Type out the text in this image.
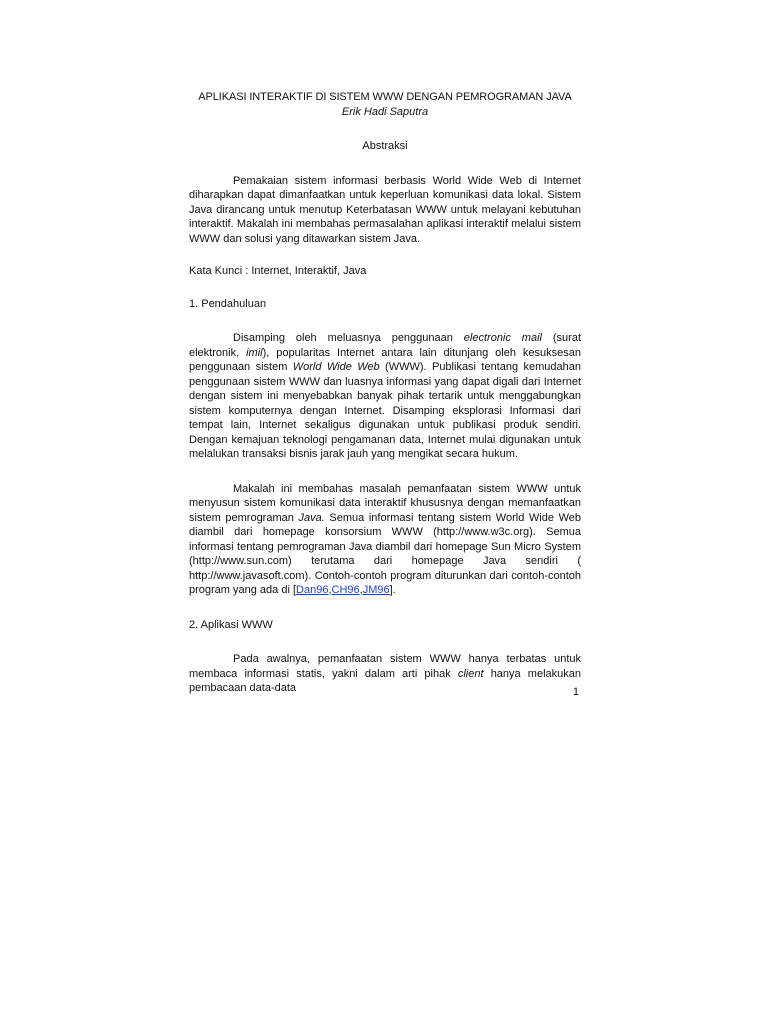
APLIKASI INTERAKTIF DI SISTEM WWW DENGAN PEMROGRAMAN JAVA
Erik Hadi Saputra
Abstraksi

Pemakaian sistem informasi berbasis World Wide Web di Internet diharapkan dapat dimanfaatkan untuk keperluan komunikasi data lokal. Sistem Java dirancang untuk menutup Keterbatasan WWW untuk melayani kebutuhan interaktif. Makalah ini membahas permasalahan aplikasi interaktif melalui sistem WWW dan solusi yang ditawarkan sistem Java.

Kata Kunci : Internet, Interaktif, Java

1. Pendahuluan

Disamping oleh meluasnya penggunaan electronic mail (surat elektronik, imil), popularitas Internet antara lain ditunjang oleh kesuksesan penggunaan sistem World Wide Web (WWW). Publikasi tentang kemudahan penggunaan sistem WWW dan luasnya informasi yang dapat digali dari Internet dengan sistem ini menyebabkan banyak pihak tertarik untuk menggabungkan sistem komputernya dengan Internet. Disamping eksplorasi Informasi dari tempat lain, Internet sekaligus digunakan untuk publikasi produk sendiri. Dengan kemajuan teknologi pengamanan data, Internet mulai digunakan untuk melalukan transaksi bisnis jarak jauh yang mengikat secara hukum.

Makalah ini membahas masalah pemanfaatan sistem WWW untuk menyusun sistem komunikasi data interaktif khususnya dengan memanfaatkan sistem pemrograman Java. Semua informasi tentang sistem World Wide Web diambil dari homepage konsorsium WWW (http://www.w3c.org). Semua informasi tentang pemrograman Java diambil dari homepage Sun Micro System (http://www.sun.com) terutama dari homepage Java sendiri ( http://www.javasoft.com). Contoh-contoh program diturunkan dari contoh-contoh program yang ada di [Dan96,CH96,JM96].

2. Aplikasi WWW

Pada awalnya, pemanfaatan sistem WWW hanya terbatas untuk membaca informasi statis, yakni dalam arti pihak client hanya melakukan pembacaan data-data	1
